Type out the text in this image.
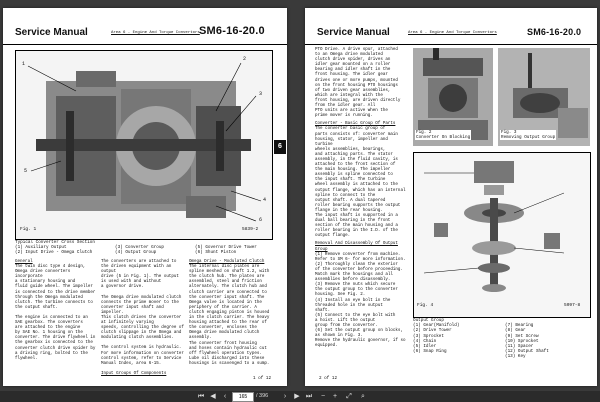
Service Manual	Area 6 - Engine And Torque Convertors SM6-16-20.0
1
2
3
4
5
6
Fig. 1	5839-2
Typical Converter Cross Section
(1) Auxiliary Output
(2) Input Drive - Omega Clutch
(3) Converter Group
(4) Output Group
(5) Governor Drive Tower
(6) Shunt Piston
General
The twin disc type 4 design,
Omega drive converters incorporate
a stationary housing and
fluid guide wheel. The impeller
is connected to the drive member
through the Omega modulated
clutch. The turbine connects to
the output shaft.
The engine is connected to an
SAE gearbox. The converters
are attached to the engine
by SAE No. 1 housing on the
converter. The drive flywheel in
the gearbox is connected to the
converter clutch drive spider by
a driving ring, bolted to the
flywheel.
The converters are attached to
the driven equipment with an output
drive (5 in Fig. 1). The output
is used with and without
a governor drive.
The Omega drive modulated clutch
connects the prime mover to the
converter input shaft and impeller.
This clutch drives the converter
at infinitely varying
speeds, controlling the degree of
clutch slippage in the Omega and
modulating clutch assemblies.
The control system is hydraulic.
For more information on converter
control system, refer to Service
Manual Index, area 6-15.
Input Groups Of Components
Omega Drive - Modulated Clutch
The internal disc plates are
spline meshed on shaft 1.2, with
the clutch hub. The plates are
assembled, steel and friction
alternately. The clutch hub and
clutch carrier are connected to
the converter input shaft. The
Omega valve is located in the
periphery of the carrier. A
clutch engaging piston is housed
in the clutch carrier. The heavy
housing attached to the rear of
the converter, encloses the
Omega drive modulated clutch assembly.
The converter front housing
and hoses contain hydraulic cut
off flywheel operation types.
Lube oil discharged into these
housings is scavenged to a sump.
1 of 12
6
Service Manual	Area 6 - Engine And Torque Convertors	SM6-16-20.0
PTO Drive. A drive spur, attached
to an Omega drive modulated
clutch drive spider, drives an
idler gear mounted on a roller
bearing and idler shaft in the
front housing. The idler gear
drives one or more pumps, mounted
on the front housing PTO housings
of two driven gear assemblies,
which are integral with the
front housing, are driven directly
from the idler gear. All
PTO units are active when the
prime mover is running.
Converter - Basic Group Of Parts
The converter basic group of
parts consists of: converter main
housing, stator, impeller and turbine
wheels assemblies, bearings,
and attaching parts. The stator
assembly, in the fluid cavity, is
attached to the front section of
the main housing. The impeller
assembly is spline connected to
the input shaft. The turbine
wheel assembly is attached to the
output flange, which has an internal
spline to connect to the
output shaft. A dual tapered
roller bearing supports the output
flange in the rear housing.
The input shaft is supported in a
dual ball bearing in the front
section of the main housing and a
roller bearing in the I.D. of the
output flange.
Removal And Disassembly Of Output Group
(1) Remove converter from machine.
Refer to SM 6- for more information.
(2) Thoroughly clean the exterior
of the converter before proceeding.
Match mark the housings and all
assemblies before disassembly.
(3) Remove the nuts which secure
the output group to the converter
housing. See Fig. 2.
(4) Install an eye bolt in the
threaded hole in the output
shaft.
(5) Connect to the eye bolt with
a hoist. Lift the output
group from the converter.
(6) Set the output group on blocks,
as shown in Fig. 3.
Remove the hydraulic governor, if so equipped.
Fig. 2
Converter On Blocking
Fig. 3
Removing Output Group
Fig. 4	5097-8
Output Group
(1) Gear(Manifold)
(2) Drive Tower
(3) Sprocket
(4) Chain
(5) Idler
(6) Snap Ring
(7) Bearing
(8) Gear
(9) Set Screw
(10) Sprocket
(11) Spacer
(12) Output Shaft
(13) Key
2 of 12
⏮ ◀	‹	165	/ 396	›	▶ ⏭	−	+	⤢	⌕
